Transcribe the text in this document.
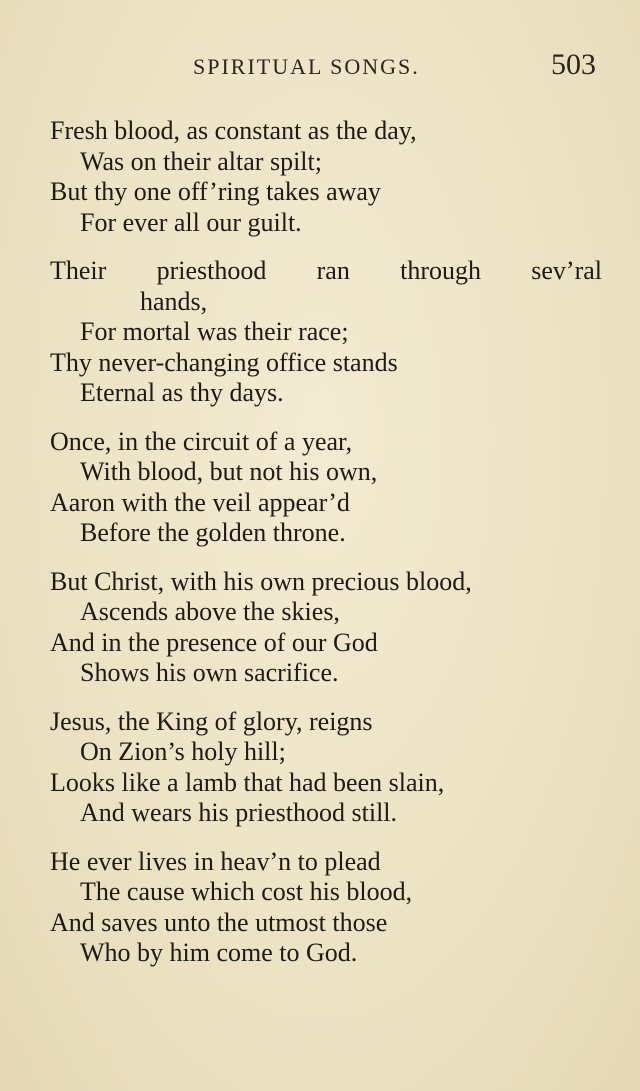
SPIRITUAL SONGS.	503
Fresh blood, as constant as the day,
Was on their altar spilt;
But thy one off’ring takes away
For ever all our guilt.
Their priesthood ran through sev’ral
hands,
For mortal was their race;
Thy never-changing office stands
Eternal as thy days.
Once, in the circuit of a year,
With blood, but not his own,
Aaron with the veil appear’d
Before the golden throne.
But Christ, with his own precious blood,
Ascends above the skies,
And in the presence of our God
Shows his own sacrifice.
Jesus, the King of glory, reigns
On Zion’s holy hill;
Looks like a lamb that had been slain,
And wears his priesthood still.
He ever lives in heav’n to plead
The cause which cost his blood,
And saves unto the utmost those
Who by him come to God.
